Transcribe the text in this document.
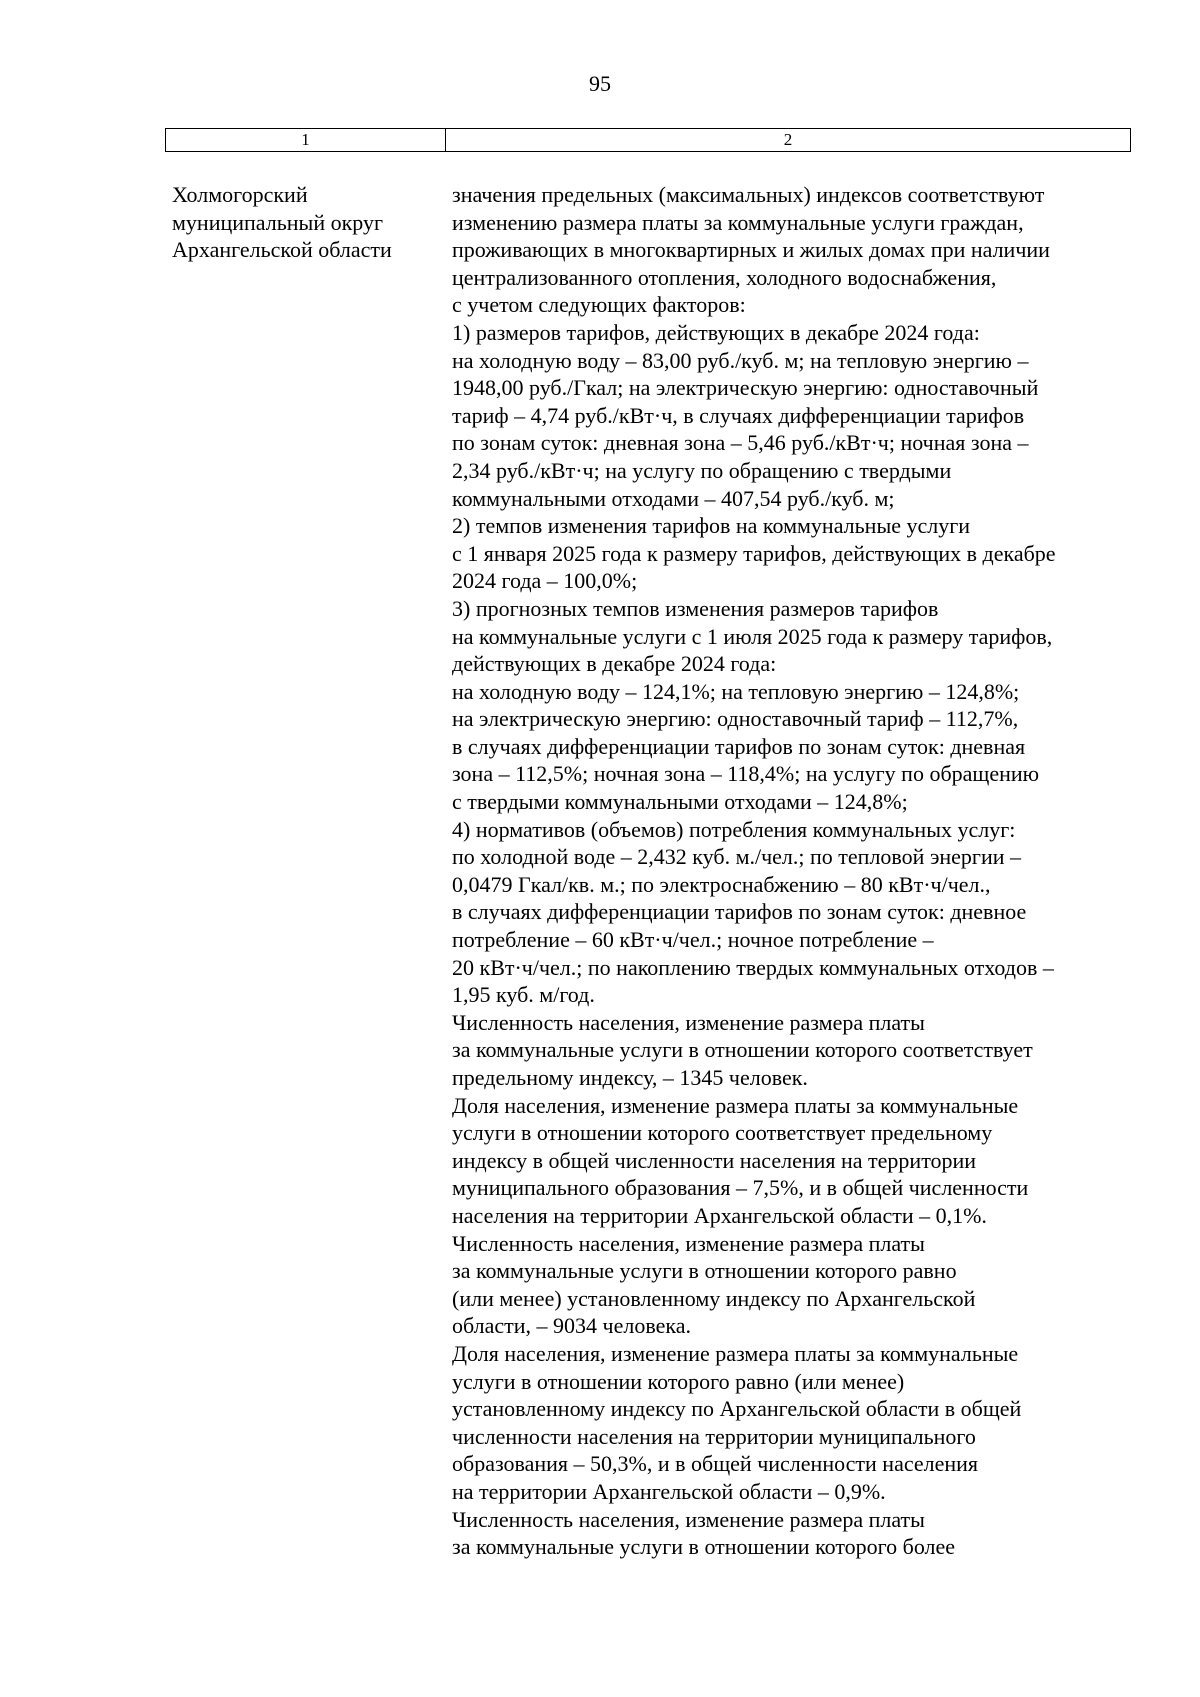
95
1	2
Холмогорский
муниципальный округ
Архангельской области
значения предельных (максимальных) индексов соответствуют
изменению размера платы за коммунальные услуги граждан,
проживающих в многоквартирных и жилых домах при наличии
централизованного отопления, холодного водоснабжения,
с учетом следующих факторов:
1) размеров тарифов, действующих в декабре 2024 года:
на холодную воду – 83,00 руб./куб. м; на тепловую энергию –
1948,00 руб./Гкал; на электрическую энергию: одноставочный
тариф – 4,74 руб./кВт·ч, в случаях дифференциации тарифов
по зонам суток: дневная зона – 5,46 руб./кВт·ч; ночная зона –
2,34 руб./кВт·ч; на услугу по обращению с твердыми
коммунальными отходами – 407,54 руб./куб. м;
2) темпов изменения тарифов на коммунальные услуги
с 1 января 2025 года к размеру тарифов, действующих в декабре
2024 года – 100,0%;
3) прогнозных темпов изменения размеров тарифов
на коммунальные услуги с 1 июля 2025 года к размеру тарифов,
действующих в декабре 2024 года:
на холодную воду – 124,1%; на тепловую энергию – 124,8%;
на электрическую энергию: одноставочный тариф – 112,7%,
в случаях дифференциации тарифов по зонам суток: дневная
зона – 112,5%; ночная зона – 118,4%; на услугу по обращению
с твердыми коммунальными отходами – 124,8%;
4) нормативов (объемов) потребления коммунальных услуг:
по холодной воде – 2,432 куб. м./чел.; по тепловой энергии –
0,0479 Гкал/кв. м.; по электроснабжению – 80 кВт·ч/чел.,
в случаях дифференциации тарифов по зонам суток: дневное
потребление – 60 кВт·ч/чел.; ночное потребление –
20 кВт·ч/чел.; по накоплению твердых коммунальных отходов –
1,95 куб. м/год.
Численность населения, изменение размера платы
за коммунальные услуги в отношении которого соответствует
предельному индексу, – 1345 человек.
Доля населения, изменение размера платы за коммунальные
услуги в отношении которого соответствует предельному
индексу в общей численности населения на территории
муниципального образования – 7,5%, и в общей численности
населения на территории Архангельской области – 0,1%.
Численность населения, изменение размера платы
за коммунальные услуги в отношении которого равно
(или менее) установленному индексу по Архангельской
области, – 9034 человека.
Доля населения, изменение размера платы за коммунальные
услуги в отношении которого равно (или менее)
установленному индексу по Архангельской области в общей
численности населения на территории муниципального
образования – 50,3%, и в общей численности населения
на территории Архангельской области – 0,9%.
Численность населения, изменение размера платы
за коммунальные услуги в отношении которого более
